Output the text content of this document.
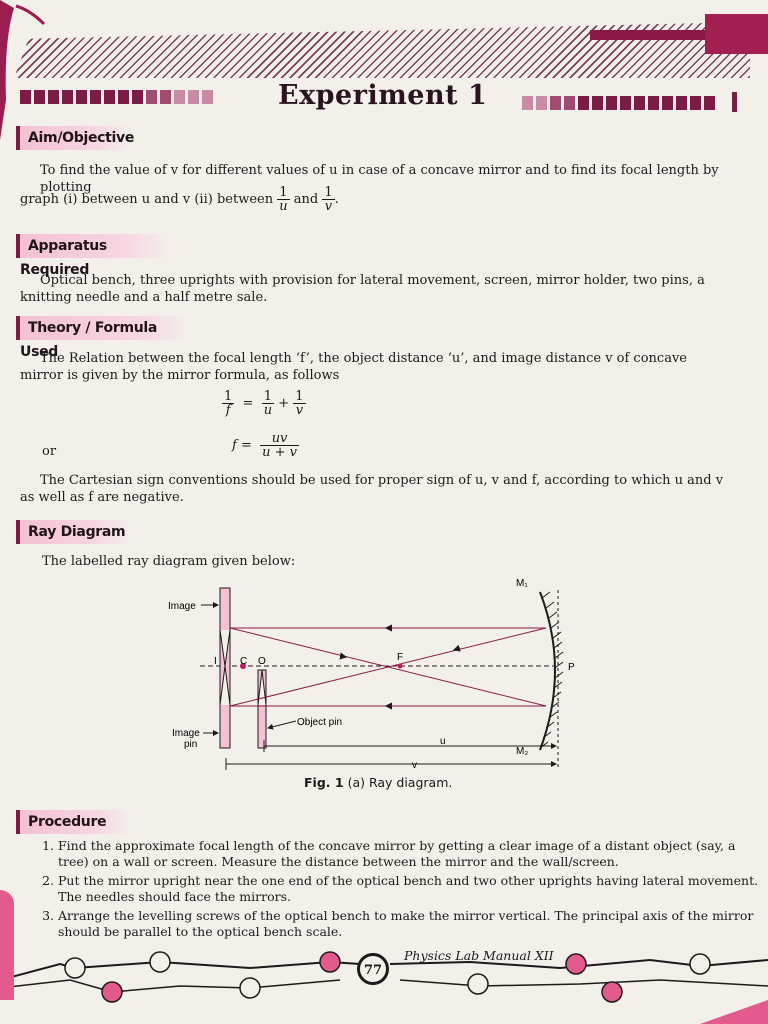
Experiment 1
Aim/Objective
To find the value of v for different values of u in case of a concave mirror and to find its focal length by plotting
graph (i) between u and v (ii) between $\frac{1}{u}$ and $\frac{1}{v}$ .
Apparatus Required
Optical bench, three uprights with provision for lateral movement, screen, mirror holder, two pins, a knitting needle and a half metre sale.
Theory / Formula Used
The Relation between the focal length ‘f’, the object distance ‘u’, and image distance v of concave mirror is given by the mirror formula, as follows
$\frac{1}{f} = \frac{1}{u} + \frac{1}{v}$
or	$f = \frac{uv}{u + v}$
The Cartesian sign conventions should be used for proper sign of u, v and f, according to which u and v as well as f are negative.
Ray Diagram
The labelled ray diagram given below:
Image
Image
pin
Object pin
I C O	F
P
M₁
M₂
u
v
Fig. 1 (a) Ray diagram.
Procedure
1. Find the approximate focal length of the concave mirror by getting a clear image of a distant object (say, a tree) on a wall or screen. Measure the distance between the mirror and the wall/screen.
2. Put the mirror upright near the one end of the optical bench and two other uprights having lateral movement. The needles should face the mirrors.
3. Arrange the levelling screws of the optical bench to make the mirror vertical. The principal axis of the mirror should be parallel to the optical bench scale.
77
Physics Lab Manual XII
